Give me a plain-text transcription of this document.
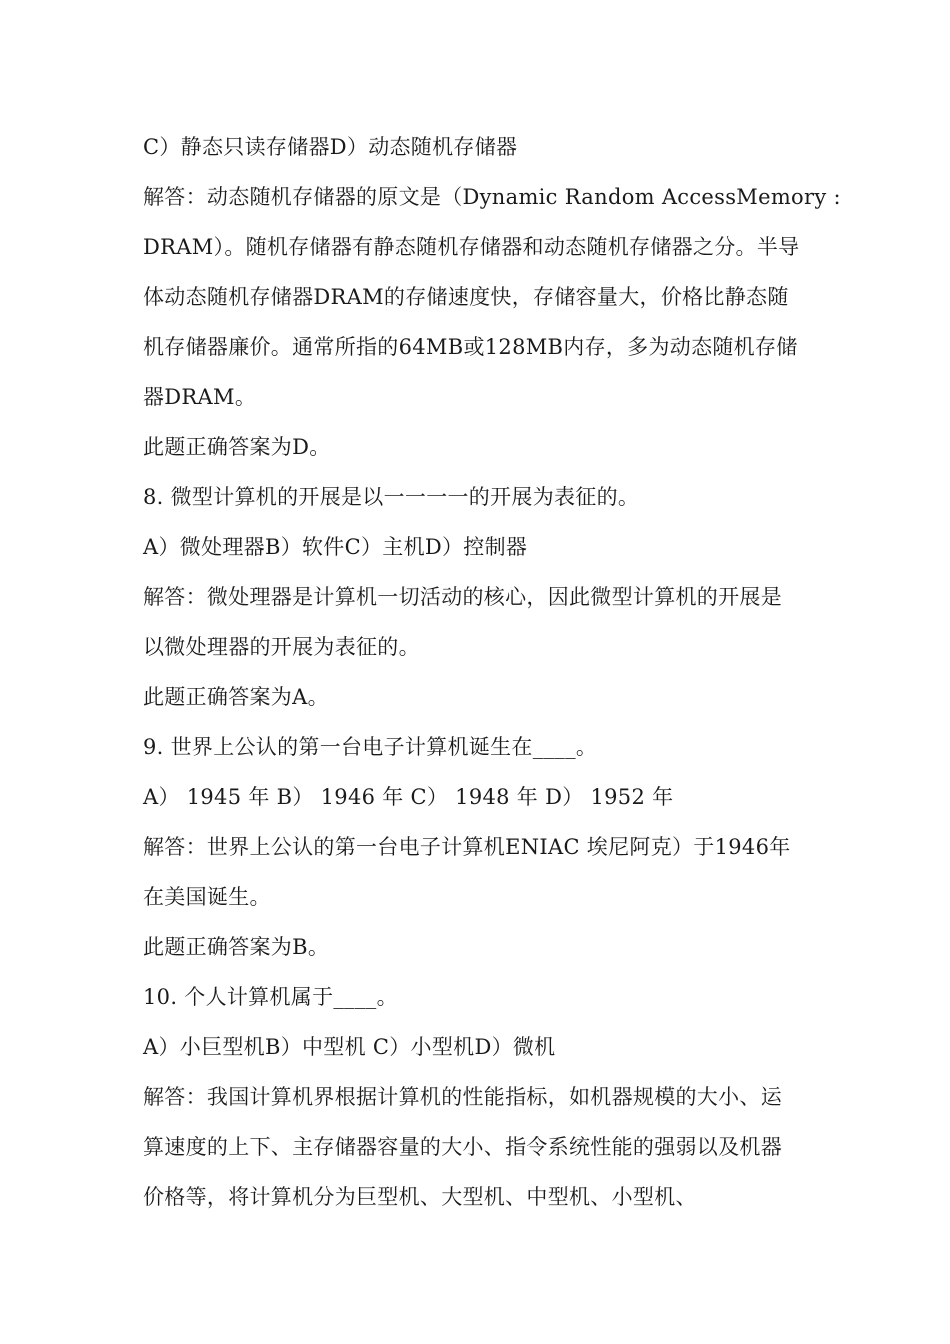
C）静态只读存储器D）动态随机存储器
解答：动态随机存储器的原文是（Dynamic Random AccessMemory :
DRAM）。随机存储器有静态随机存储器和动态随机存储器之分。半导
体动态随机存储器DRAM的存储速度快，存储容量大，价格比静态随
机存储器廉价。通常所指的64MB或128MB内存，多为动态随机存储
器DRAM。
此题正确答案为D。
8. 微型计算机的开展是以一一一一的开展为表征的。
A）微处理器B）软件C）主机D）控制器
解答：微处理器是计算机一切活动的核心，因此微型计算机的开展是
以微处理器的开展为表征的。
此题正确答案为A。
9. 世界上公认的第一台电子计算机诞生在____。
A） 1945 年 B） 1946 年 C） 1948 年 D） 1952 年
解答：世界上公认的第一台电子计算机ENIAC 埃尼阿克）于1946年
在美国诞生。
此题正确答案为B。
10. 个人计算机属于____。
A）小巨型机B）中型机 C）小型机D）微机
解答：我国计算机界根据计算机的性能指标，如机器规模的大小、运
算速度的上下、主存储器容量的大小、指令系统性能的强弱以及机器
价格等，将计算机分为巨型机、大型机、中型机、小型机、
